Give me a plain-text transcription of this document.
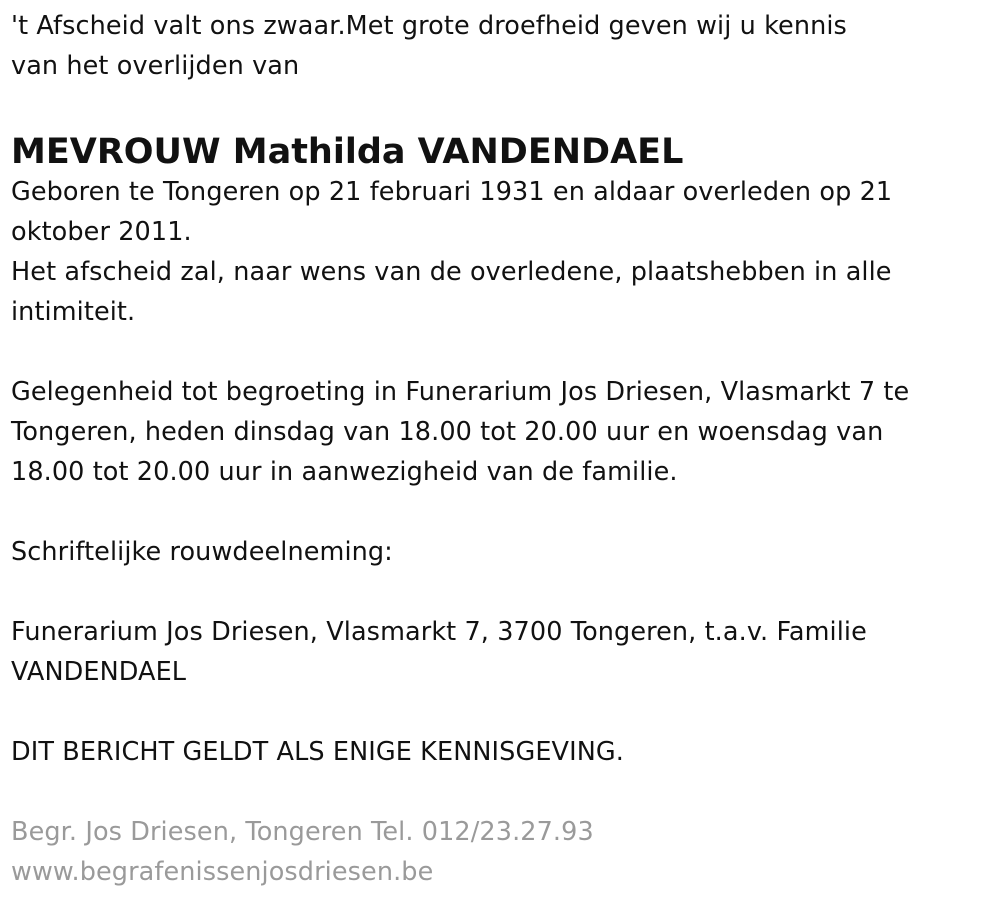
't Afscheid valt ons zwaar.Met grote droefheid geven wij u kennis
van het overlijden van
MEVROUW Mathilda VANDENDAEL
Geboren te Tongeren op 21 februari 1931 en aldaar overleden op 21
oktober 2011.
Het afscheid zal, naar wens van de overledene, plaatshebben in alle
intimiteit.
Gelegenheid tot begroeting in Funerarium Jos Driesen, Vlasmarkt 7 te
Tongeren, heden dinsdag van 18.00 tot 20.00 uur en woensdag van
18.00 tot 20.00 uur in aanwezigheid van de familie.
Schriftelijke rouwdeelneming:
Funerarium Jos Driesen, Vlasmarkt 7, 3700 Tongeren, t.a.v. Familie
VANDENDAEL
DIT BERICHT GELDT ALS ENIGE KENNISGEVING.
Begr. Jos Driesen, Tongeren Tel. 012/23.27.93
www.begrafenissenjosdriesen.be
